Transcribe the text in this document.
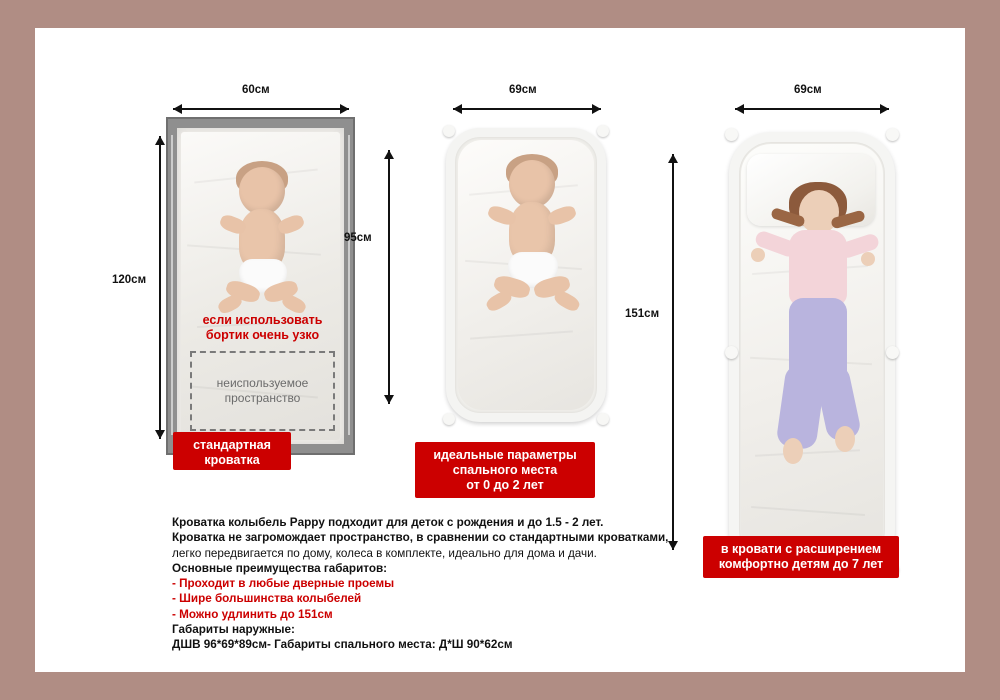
60см
120см
если использовать
бортик очень узко
неиспользуемое
пространство
стандартная
кроватка
69см
95см
идеальные параметры
спального места
от 0 до 2 лет
69см
151см
в кровати с расширением
комфортно детям до 7 лет
Кроватка колыбель Pappy подходит для деток с рождения и до 1.5 - 2 лет.
Кроватка не загромождает пространство, в сравнении со стандартными кроватками,
легко передвигается по дому, колеса в комплекте, идеально для дома и дачи.
Основные преимущества габаритов:
- Проходит в любые дверные проемы
- Шире большинства колыбелей
- Можно удлинить до 151см
Габариты наружные:
ДШВ 96*69*89см- Габариты спального места: Д*Ш 90*62см
